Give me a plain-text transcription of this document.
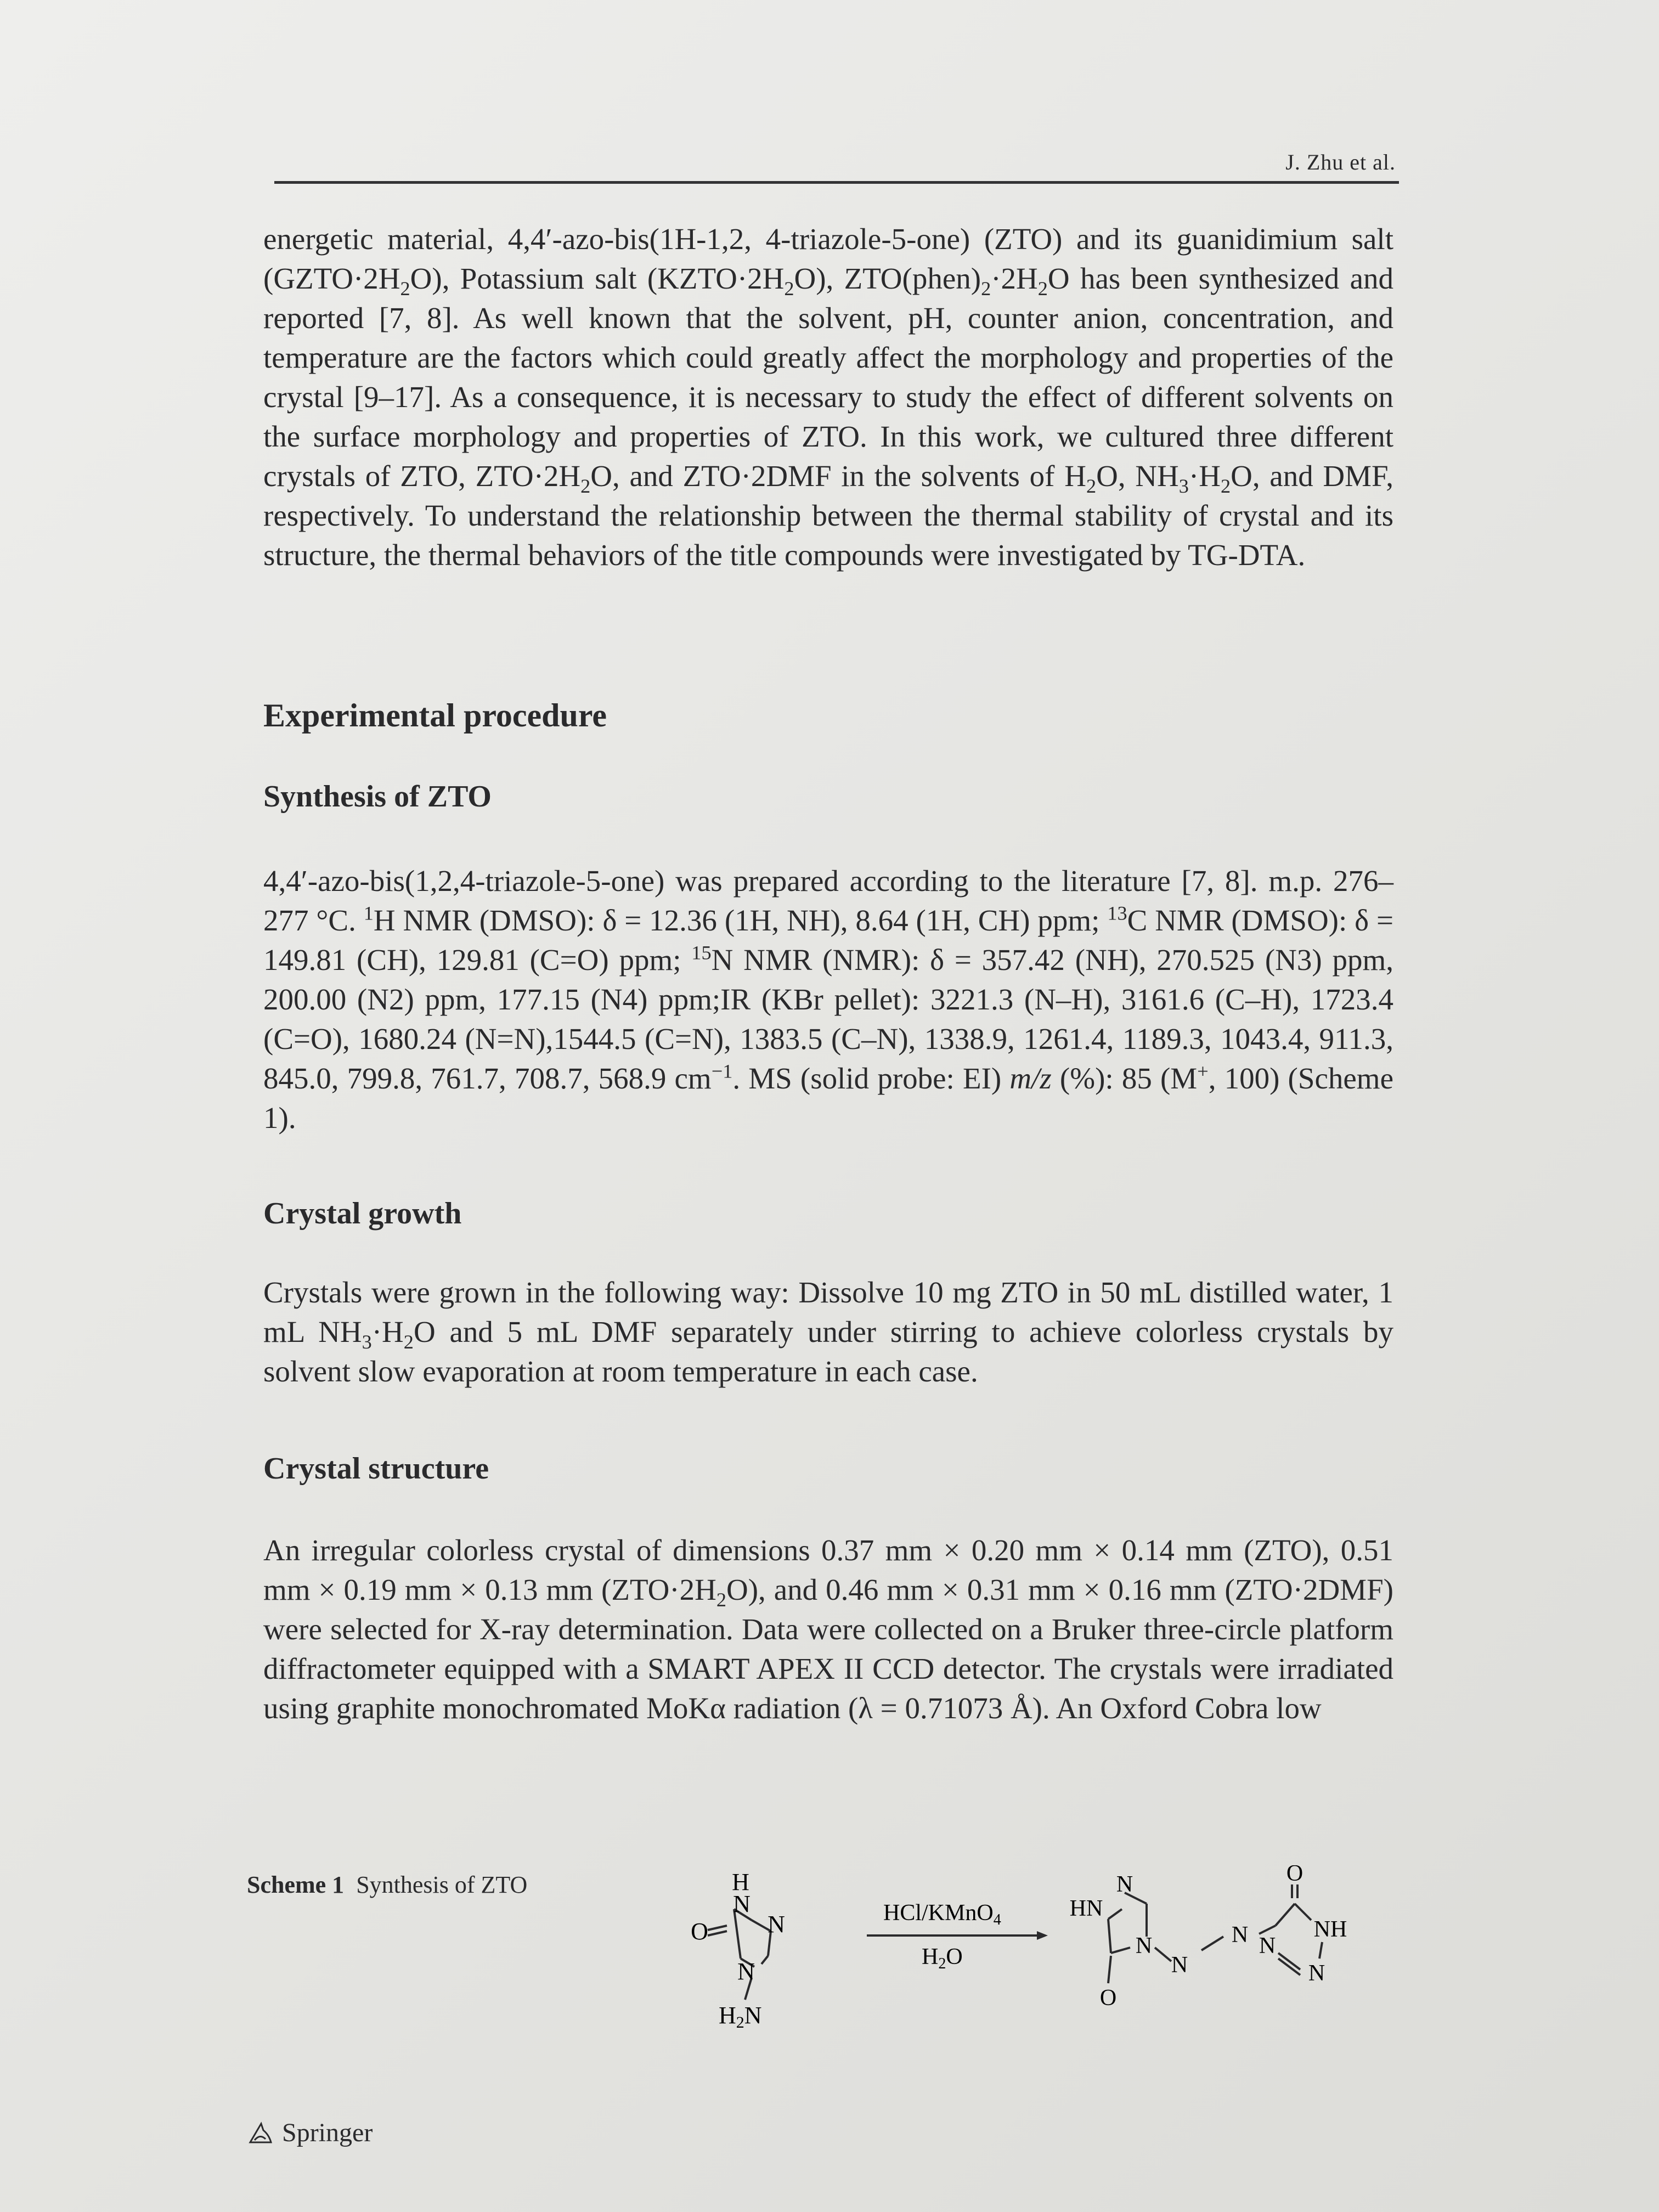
J. Zhu et al.

energetic material, 4,4′-azo-bis(1H-1,2, 4-triazole-5-one) (ZTO) and its guanidimium salt $(GZTO\cdot 2H_2O)$, Potassium salt $(KZTO\cdot 2H_2O)$, $ZTO(phen)_2\cdot 2H_2O$ has been synthesized and reported [7, 8]. As well known that the solvent, pH, counter anion, concentration, and temperature are the factors which could greatly affect the morphology and properties of the crystal [9–17]. As a consequence, it is necessary to study the effect of different solvents on the surface morphology and properties of ZTO. In this work, we cultured three different crystals of ZTO, $ZTO\cdot 2H_2O$, and ZTO·2DMF in the solvents of $H_2O$, $NH_3\cdot H_2O$, and DMF, respectively. To understand the relationship between the thermal stability of crystal and its structure, the thermal behaviors of the title compounds were investigated by TG-DTA.

Experimental procedure
Synthesis of ZTO

4,4′-azo-bis(1,2,4-triazole-5-one) was prepared according to the literature [7, 8]. m.p. 276–277 °C. $^1$H NMR (DMSO): δ = 12.36 (1H, NH), 8.64 (1H, CH) ppm; $^{13}$C NMR (DMSO): δ = 149.81 (CH), 129.81 (C=O) ppm; $^{15}$N NMR (NMR): δ = 357.42 (NH), 270.525 (N3) ppm, 200.00 (N2) ppm, 177.15 (N4) ppm;IR (KBr pellet): 3221.3 (N–H), 3161.6 (C–H), 1723.4 (C=O), 1680.24 (N=N),1544.5 (C=N), 1383.5 (C–N), 1338.9, 1261.4, 1189.3, 1043.4, 911.3, 845.0, 799.8, 761.7, 708.7, 568.9 $cm^{-1}$. MS (solid probe: EI) m/z (%): 85 (M+, 100) (Scheme 1).

Crystal growth

Crystals were grown in the following way: Dissolve 10 mg ZTO in 50 mL distilled water, 1 mL $NH_3\cdot H_2O$ and 5 mL DMF separately under stirring to achieve colorless crystals by solvent slow evaporation at room temperature in each case.

Crystal structure

An irregular colorless crystal of dimensions 0.37 mm × 0.20 mm × 0.14 mm (ZTO), 0.51 mm × 0.19 mm × 0.13 mm $(ZTO\cdot 2H_2O)$, and 0.46 mm × 0.31 mm × 0.16 mm (ZTO·2DMF) were selected for X-ray determination. Data were collected on a Bruker three-circle platform diffractometer equipped with a SMART APEX II CCD detector. The crystals were irradiated using graphite monochromated MoKα radiation (λ = 0.71073 Å). An Oxford Cobra low

Scheme 1 Synthesis of ZTO	H
N
N
O
N
H2N
HCl/KMnO4
H2O
N
HN
N
O
N
N N
O
NH
N
Springer
